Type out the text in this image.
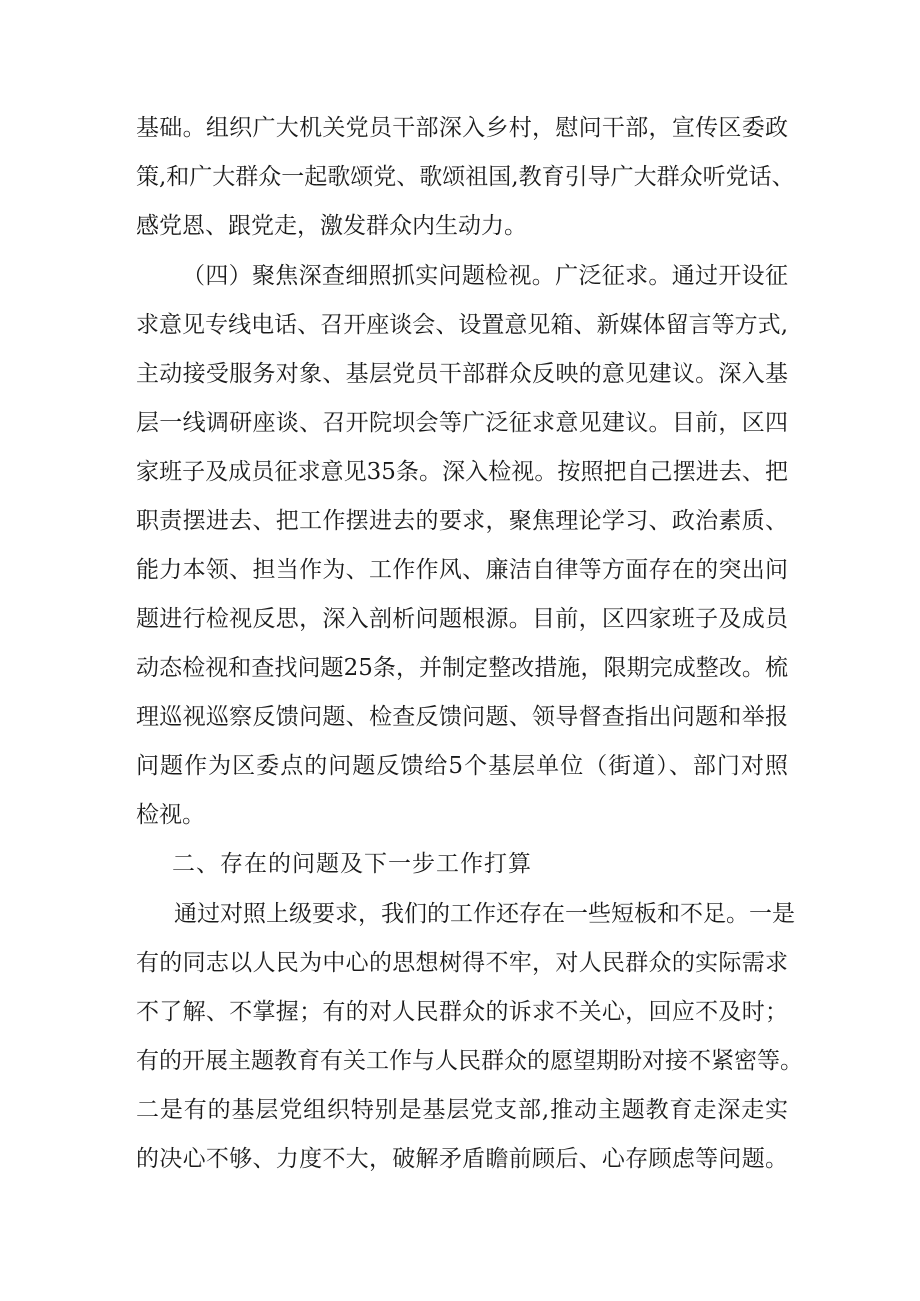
基础。组织广大机关党员干部深入乡村，慰问干部，宣传区委政
策,和广大群众一起歌颂党、歌颂祖国,教育引导广大群众听党话、
感党恩、跟党走，激发群众内生动力。
（四）聚焦深查细照抓实问题检视。广泛征求。通过开设征
求意见专线电话、召开座谈会、设置意见箱、新媒体留言等方式,
主动接受服务对象、基层党员干部群众反映的意见建议。深入基
层一线调研座谈、召开院坝会等广泛征求意见建议。目前，区四
家班子及成员征求意见35条。深入检视。按照把自己摆进去、把
职责摆进去、把工作摆进去的要求，聚焦理论学习、政治素质、
能力本领、担当作为、工作作风、廉洁自律等方面存在的突出问
题进行检视反思，深入剖析问题根源。目前，区四家班子及成员
动态检视和查找问题25条，并制定整改措施，限期完成整改。梳
理巡视巡察反馈问题、检查反馈问题、领导督查指出问题和举报
问题作为区委点的问题反馈给5个基层单位（街道）、部门对照
检视。
二、存在的问题及下一步工作打算
通过对照上级要求，我们的工作还存在一些短板和不足。一是
有的同志以人民为中心的思想树得不牢，对人民群众的实际需求
不了解、不掌握；有的对人民群众的诉求不关心，回应不及时；
有的开展主题教育有关工作与人民群众的愿望期盼对接不紧密等。
二是有的基层党组织特别是基层党支部,推动主题教育走深走实
的决心不够、力度不大，破解矛盾瞻前顾后、心存顾虑等问题。
